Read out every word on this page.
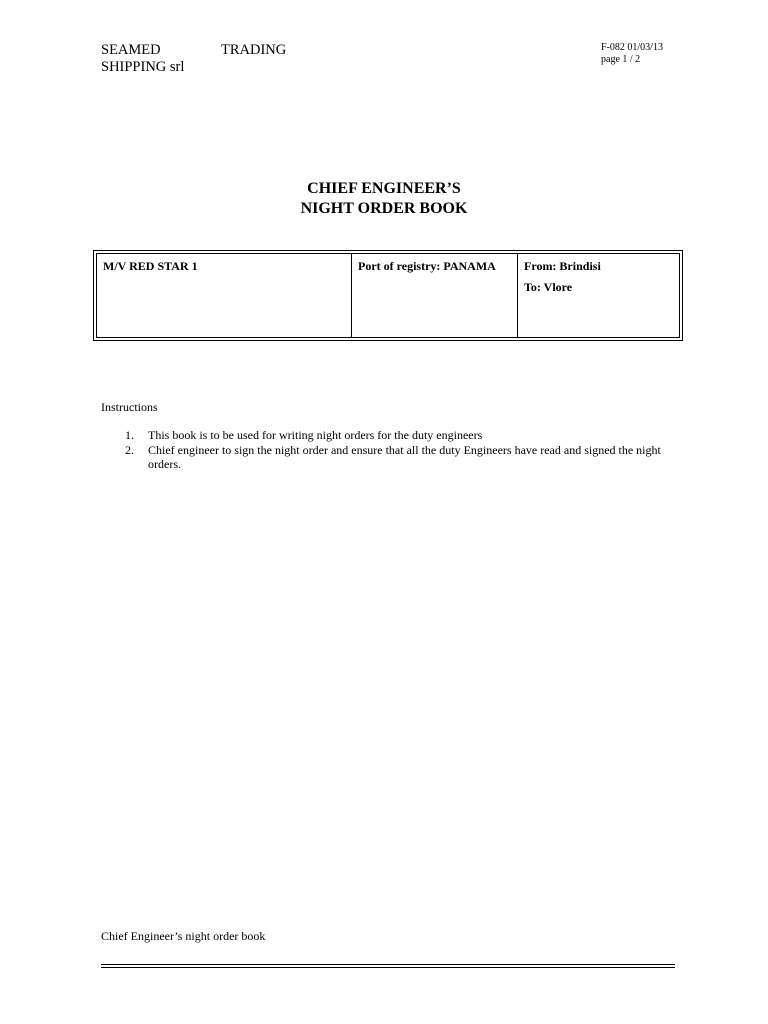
SEAMED	TRADING
SHIPPING srl
F-082 01/03/13
page 1 / 2
CHIEF ENGINEER’S
NIGHT ORDER BOOK
M/V RED STAR 1	Port of registry: PANAMA	From: Brindisi
To: Vlore
Instructions
1.	This book is to be used for writing night orders for the duty engineers
2.	Chief engineer to sign the night order and ensure that all the duty Engineers have read and signed the night orders.
Chief Engineer’s night order book
